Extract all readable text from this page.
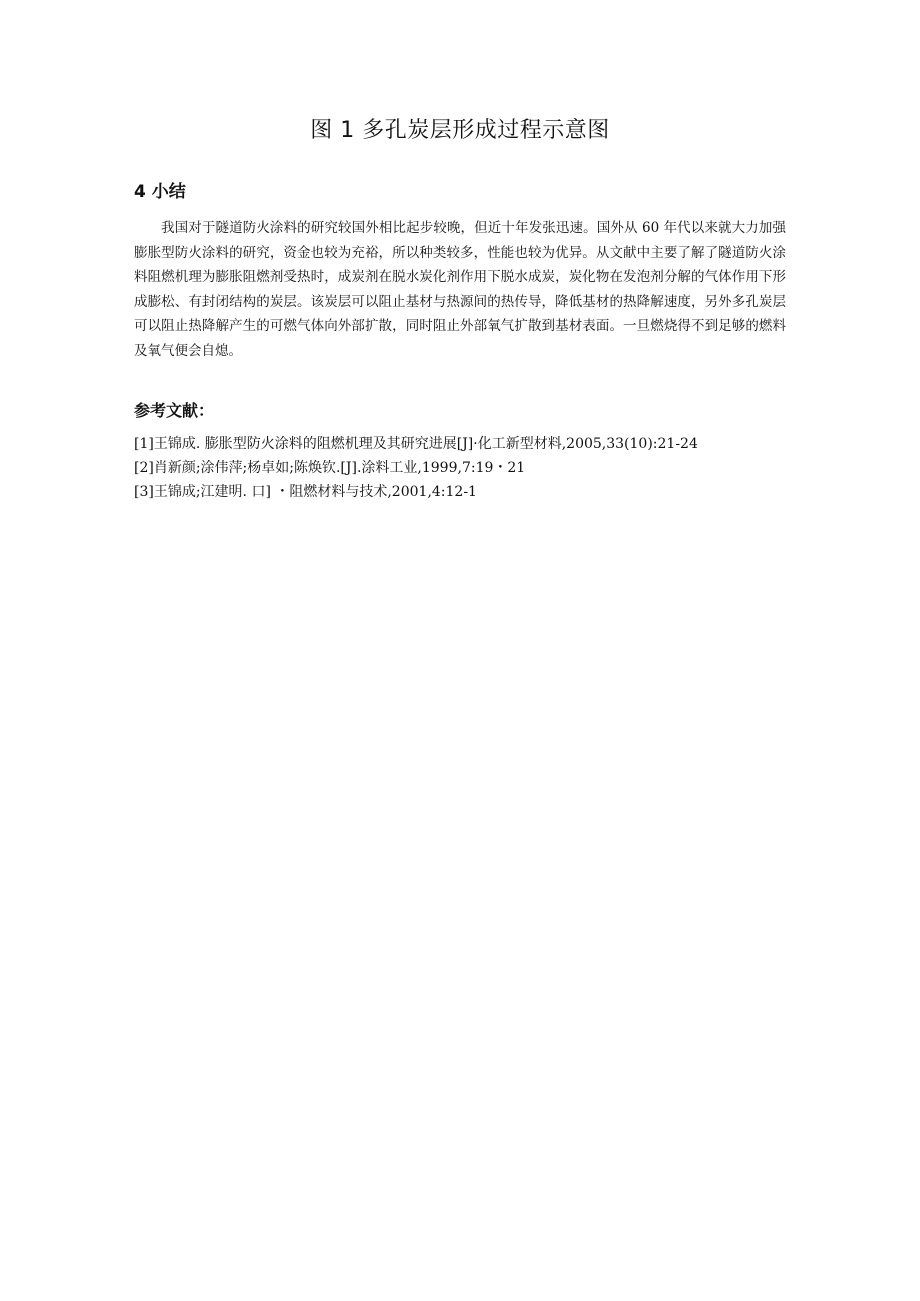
图 1 多孔炭层形成过程示意图
4 小结

我国对于隧道防火涂料的研究较国外相比起步较晚，但近十年发张迅速。国外从 60 年代以来就大力加强膨胀型防火涂料的研究，资金也较为充裕，所以种类较多，性能也较为优异。从文献中主要了解了隧道防火涂料阻燃机理为膨胀阻燃剂受热时，成炭剂在脱水炭化剂作用下脱水成炭，炭化物在发泡剂分解的气体作用下形成膨松、有封闭结构的炭层。该炭层可以阻止基材与热源间的热传导，降低基材的热降解速度，另外多孔炭层可以阻止热降解产生的可燃气体向外部扩散，同时阻止外部氧气扩散到基材表面。一旦燃烧得不到足够的燃料及氧气便会自熄。

参考文献：
[1]王锦成. 膨胀型防火涂料的阻燃机理及其研究进展[J]·化工新型材料,2005,33(10):21-24
[2]肖新颜;涂伟萍;杨卓如;陈焕钦.[J].涂料工业,1999,7:19・21
[3]王锦成;江建明. 口] ・阻燃材料与技术,2001,4:12-1
